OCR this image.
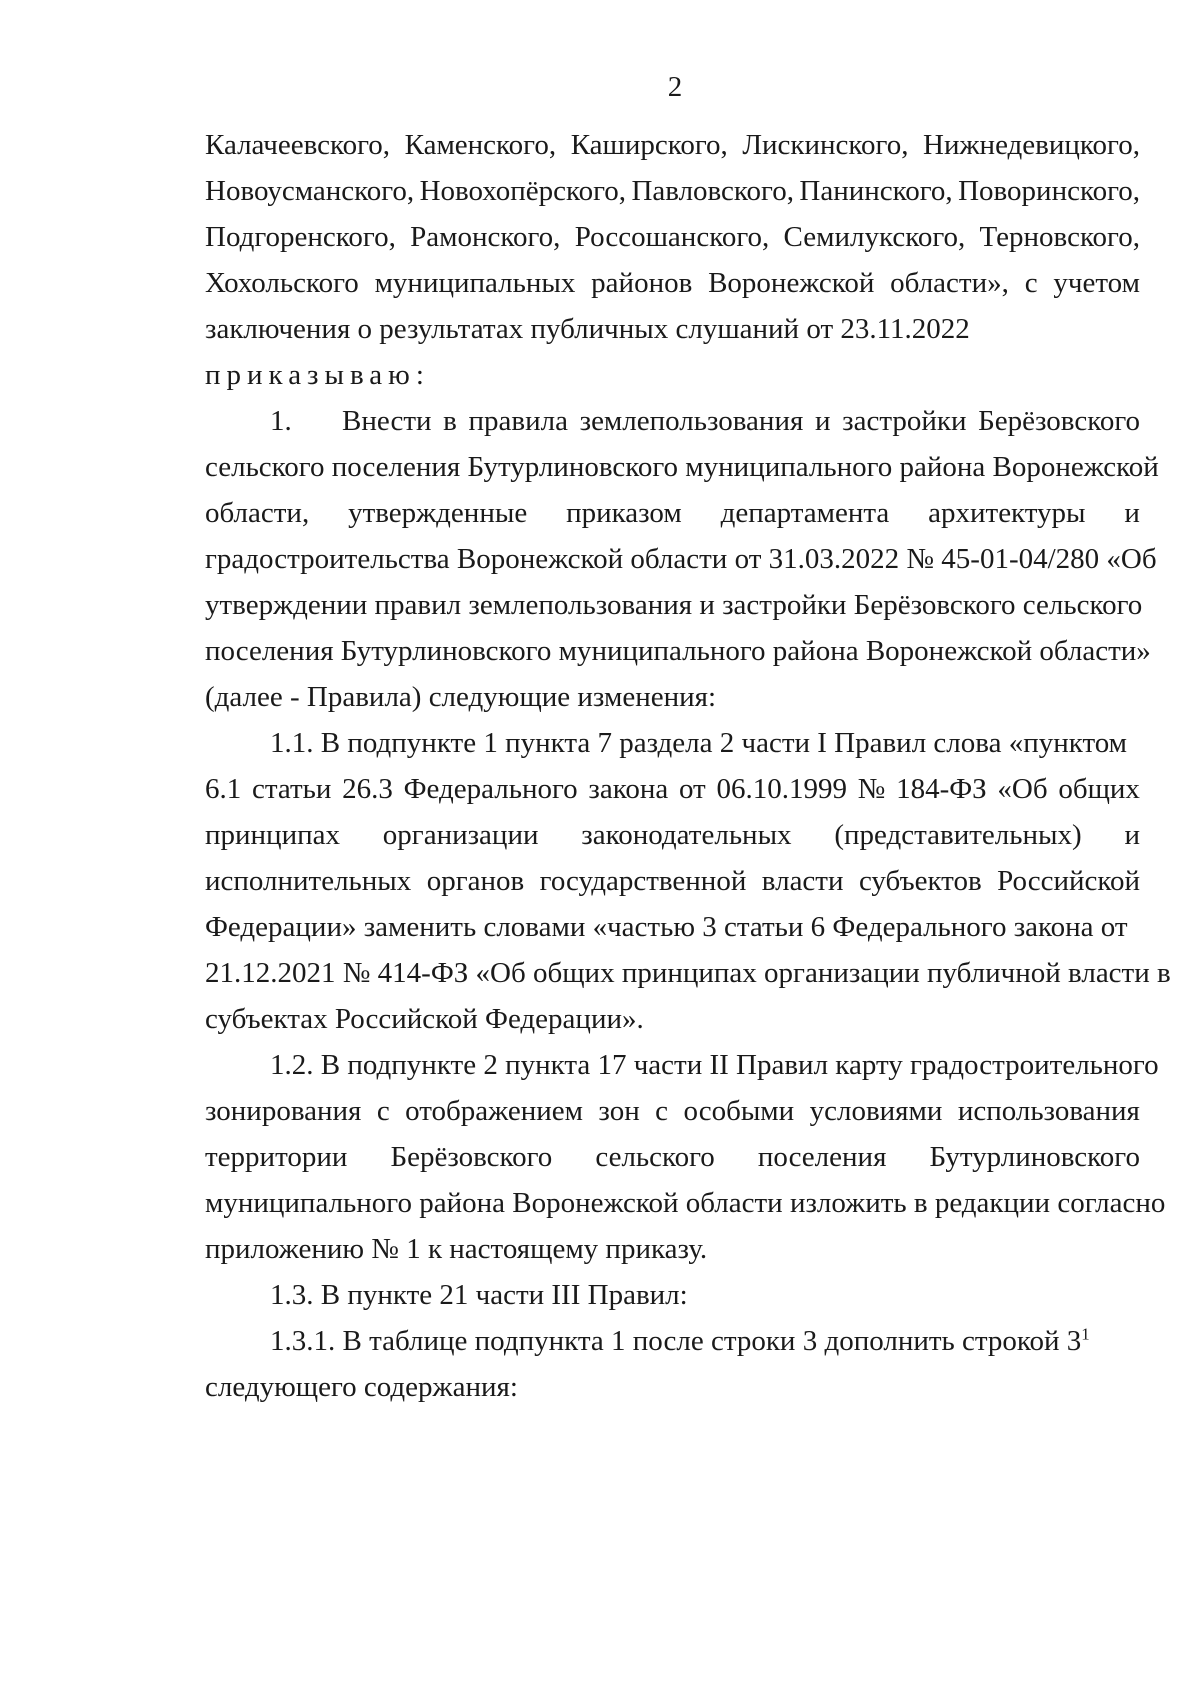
2
Калачеевского, Каменского, Каширского, Лискинского, Нижнедевицкого,
Новоусманского, Новохопёрского, Павловского, Панинского, Поворинского,
Подгоренского, Рамонского, Россошанского, Семилукского, Терновского,
Хохольского муниципальных районов Воронежской области», с учетом
заключения о результатах публичных слушаний от 23.11.2022
приказываю:
1.	Внести в правила землепользования и застройки Берёзовского
сельского поселения Бутурлиновского муниципального района Воронежской
области, утвержденные приказом департамента архитектуры и
градостроительства Воронежской области от 31.03.2022 № 45-01-04/280 «Об
утверждении правил землепользования и застройки Берёзовского сельского
поселения Бутурлиновского муниципального района Воронежской области»
(далее - Правила) следующие изменения:
1.1. В подпункте 1 пункта 7 раздела 2 части I Правил слова «пунктом
6.1 статьи 26.3 Федерального закона от 06.10.1999 № 184-ФЗ «Об общих
принципах организации законодательных (представительных) и
исполнительных органов государственной власти субъектов Российской
Федерации» заменить словами «частью 3 статьи 6 Федерального закона от
21.12.2021 № 414-ФЗ «Об общих принципах организации публичной власти в
субъектах Российской Федерации».
1.2. В подпункте 2 пункта 17 части II Правил карту градостроительного
зонирования с отображением зон с особыми условиями использования
территории Берёзовского сельского поселения Бутурлиновского
муниципального района Воронежской области изложить в редакции согласно
приложению № 1 к настоящему приказу.
1.3. В пункте 21 части III Правил:
1.3.1. В таблице подпункта 1 после строки 3 дополнить строкой $3^1$
следующего содержания:
